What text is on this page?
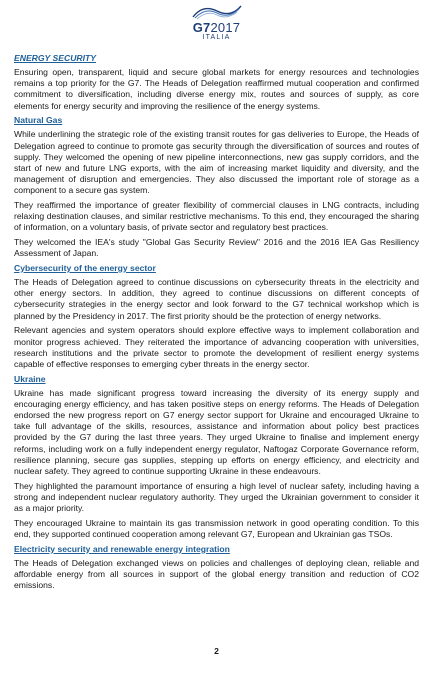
G72017
ITALIA
ENERGY SECURITY

Ensuring open, transparent, liquid and secure global markets for energy resources and technologies remains a top priority for the G7. The Heads of Delegation reaffirmed mutual cooperation and confirmed commitment to diversification, including diverse energy mix, routes and sources of supply, as core elements for energy security and improving the resilience of the energy systems.

Natural Gas

While underlining the strategic role of the existing transit routes for gas deliveries to Europe, the Heads of Delegation agreed to continue to promote gas security through the diversification of sources and routes of supply. They welcomed the opening of new pipeline interconnections, new gas supply corridors, and the start of new and future LNG exports, with the aim of increasing market liquidity and diversity, and the management of disruption and emergencies. They also discussed the important role of storage as a component to a secure gas system.

They reaffirmed the importance of greater flexibility of commercial clauses in LNG contracts, including relaxing destination clauses, and similar restrictive mechanisms. To this end, they encouraged the sharing of information, on a voluntary basis, of private sector and regulatory best practices.

They welcomed the IEA's study "Global Gas Security Review" 2016 and the 2016 IEA Gas Resiliency Assessment of Japan.

Cybersecurity of the energy sector

The Heads of Delegation agreed to continue discussions on cybersecurity threats in the electricity and other energy sectors. In addition, they agreed to continue discussions on different concepts of cybersecurity strategies in the energy sector and look forward to the G7 technical workshop which is planned by the Presidency in 2017. The first priority should be the protection of energy networks.

Relevant agencies and system operators should explore effective ways to implement collaboration and monitor progress achieved. They reiterated the importance of advancing cooperation with universities, research institutions and the private sector to promote the development of resilient energy systems capable of effective responses to emerging cyber threats in the energy sector.

Ukraine

Ukraine has made significant progress toward increasing the diversity of its energy supply and encouraging energy efficiency, and has taken positive steps on energy reforms. The Heads of Delegation endorsed the new progress report on G7 energy sector support for Ukraine and encouraged Ukraine to take full advantage of the skills, resources, assistance and information about policy best practices provided by the G7 during the last three years. They urged Ukraine to finalise and implement energy reforms, including work on a fully independent energy regulator, Naftogaz Corporate Governance reform, resilience planning, secure gas supplies, stepping up efforts on energy efficiency, and electricity and nuclear safety. They agreed to continue supporting Ukraine in these endeavours.

They highlighted the paramount importance of ensuring a high level of nuclear safety, including having a strong and independent nuclear regulatory authority. They urged the Ukrainian government to consider it as a major priority.

They encouraged Ukraine to maintain its gas transmission network in good operating condition. To this end, they supported continued cooperation among relevant G7, European and Ukrainian gas TSOs.

Electricity security and renewable energy integration

The Heads of Delegation exchanged views on policies and challenges of deploying clean, reliable and affordable energy from all sources in support of the global energy transition and reduction of CO2 emissions.

2
